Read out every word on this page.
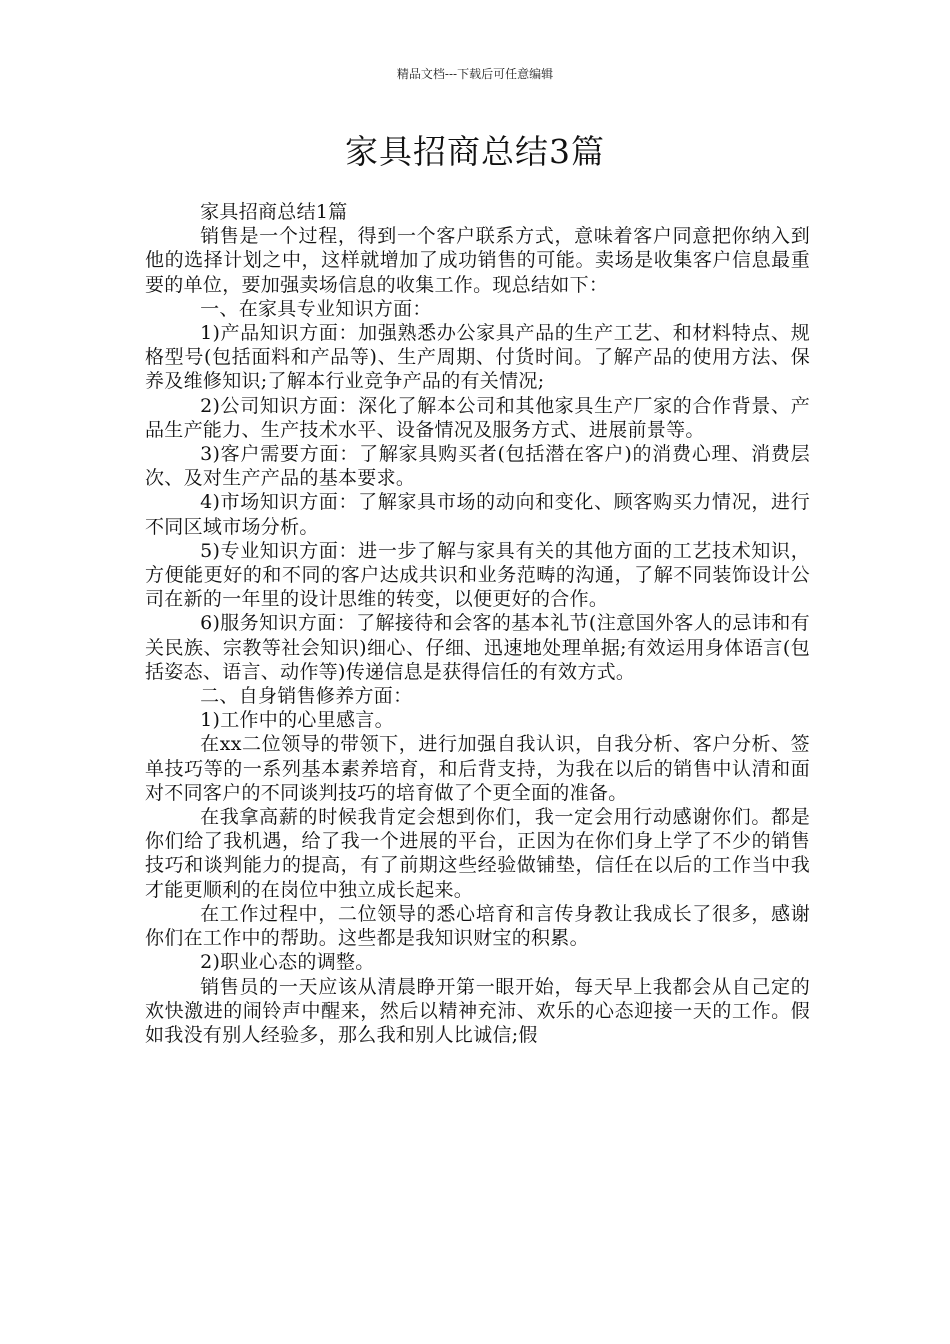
精品文档---下载后可任意编辑
家具招商总结3篇

家具招商总结1篇

销售是一个过程，得到一个客户联系方式，意味着客户同意把你纳入到他的选择计划之中，这样就增加了成功销售的可能。卖场是收集客户信息最重要的单位，要加强卖场信息的收集工作。现总结如下：

一、在家具专业知识方面：

1)产品知识方面：加强熟悉办公家具产品的生产工艺、和材料特点、规格型号(包括面料和产品等)、生产周期、付货时间。了解产品的使用方法、保养及维修知识;了解本行业竞争产品的有关情况;

2)公司知识方面：深化了解本公司和其他家具生产厂家的合作背景、产品生产能力、生产技术水平、设备情况及服务方式、进展前景等。

3)客户需要方面：了解家具购买者(包括潜在客户)的消费心理、消费层次、及对生产产品的基本要求。

4)市场知识方面：了解家具市场的动向和变化、顾客购买力情况，进行不同区域市场分析。

5)专业知识方面：进一步了解与家具有关的其他方面的工艺技术知识，方便能更好的和不同的客户达成共识和业务范畴的沟通，了解不同装饰设计公司在新的一年里的设计思维的转变，以便更好的合作。

6)服务知识方面：了解接待和会客的基本礼节(注意国外客人的忌讳和有关民族、宗教等社会知识)细心、仔细、迅速地处理单据;有效运用身体语言(包括姿态、语言、动作等)传递信息是获得信任的有效方式。

二、自身销售修养方面：

1)工作中的心里感言。

在xx二位领导的带领下，进行加强自我认识，自我分析、客户分析、签单技巧等的一系列基本素养培育，和后背支持，为我在以后的销售中认清和面对不同客户的不同谈判技巧的培育做了个更全面的准备。

在我拿高薪的时候我肯定会想到你们，我一定会用行动感谢你们。都是你们给了我机遇，给了我一个进展的平台，正因为在你们身上学了不少的销售技巧和谈判能力的提高，有了前期这些经验做铺垫，信任在以后的工作当中我才能更顺利的在岗位中独立成长起来。

在工作过程中，二位领导的悉心培育和言传身教让我成长了很多，感谢你们在工作中的帮助。这些都是我知识财宝的积累。

2)职业心态的调整。

销售员的一天应该从清晨睁开第一眼开始，每天早上我都会从自己定的欢快激进的闹铃声中醒来，然后以精神充沛、欢乐的心态迎接一天的工作。假如我没有别人经验多，那么我和别人比诚信;假
